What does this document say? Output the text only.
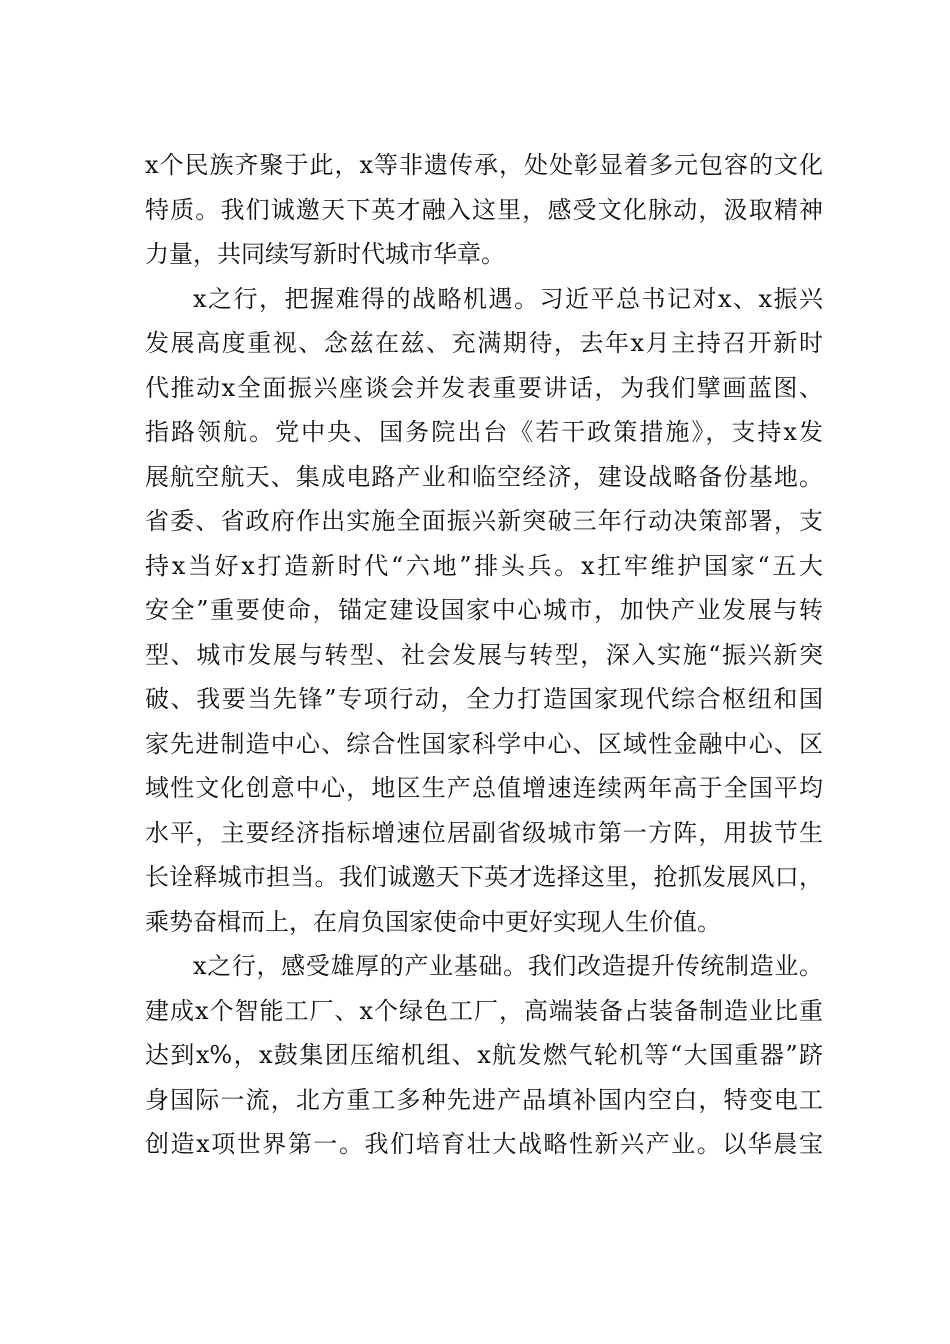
x个民族齐聚于此，x等非遗传承，处处彰显着多元包容的文化
特质。我们诚邀天下英才融入这里，感受文化脉动，汲取精神
力量，共同续写新时代城市华章。
x之行，把握难得的战略机遇。习近平总书记对x、x振兴
发展高度重视、念兹在兹、充满期待，去年x月主持召开新时
代推动x全面振兴座谈会并发表重要讲话，为我们擘画蓝图、
指路领航。党中央、国务院出台《若干政策措施》，支持x发
展航空航天、集成电路产业和临空经济，建设战略备份基地。
省委、省政府作出实施全面振兴新突破三年行动决策部署，支
持x当好x打造新时代“六地”排头兵。x扛牢维护国家“五大
安全”重要使命，锚定建设国家中心城市，加快产业发展与转
型、城市发展与转型、社会发展与转型，深入实施“振兴新突
破、我要当先锋”专项行动，全力打造国家现代综合枢纽和国
家先进制造中心、综合性国家科学中心、区域性金融中心、区
域性文化创意中心，地区生产总值增速连续两年高于全国平均
水平，主要经济指标增速位居副省级城市第一方阵，用拔节生
长诠释城市担当。我们诚邀天下英才选择这里，抢抓发展风口，
乘势奋楫而上，在肩负国家使命中更好实现人生价值。
x之行，感受雄厚的产业基础。我们改造提升传统制造业。
建成x个智能工厂、x个绿色工厂，高端装备占装备制造业比重
达到x%，x鼓集团压缩机组、x航发燃气轮机等“大国重器”跻
身国际一流，北方重工多种先进产品填补国内空白，特变电工
创造x项世界第一。我们培育壮大战略性新兴产业。以华晨宝
